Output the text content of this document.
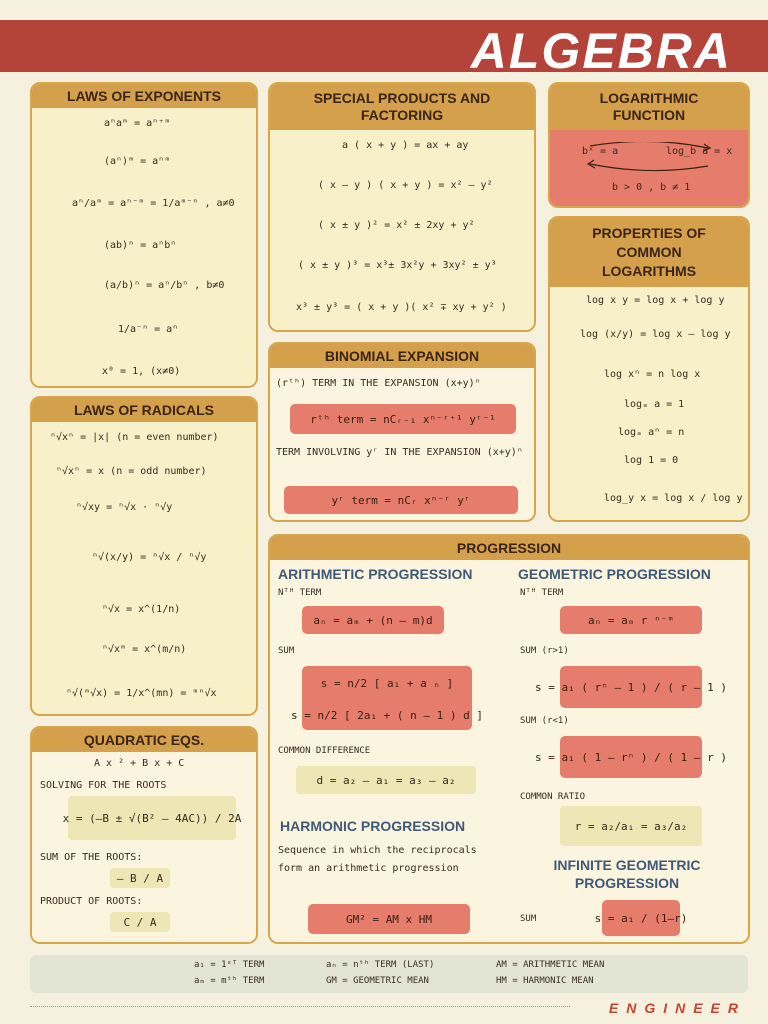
ALGEBRA
LAWS OF EXPONENTS
aⁿaᵐ = aⁿ⁺ᵐ
(aⁿ)ᵐ = aⁿᵐ
aⁿ/aᵐ = aⁿ⁻ᵐ = 1/aᵐ⁻ⁿ , a≠0
(ab)ⁿ = aⁿbⁿ
(a/b)ⁿ = aⁿ/bⁿ , b≠0
1/a⁻ⁿ = aⁿ
x⁰ = 1, (x≠0)
SPECIAL PRODUCTS AND FACTORING
a ( x + y ) = ax + ay
( x – y ) ( x + y ) = x² – y²
( x ± y )² = x² ± 2xy + y²
( x ± y )³ = x³± 3x²y + 3xy² ± y³
x³ ± y³ = ( x + y )( x² ∓ xy + y² )
LOGARITHMIC FUNCTION
bˣ = a	log_b a = x
b > 0 , b ≠ 1
PROPERTIES OF COMMON LOGARITHMS
log x y = log x + log y
log (x/y) = log x – log y
log xⁿ = n log x
logₐ a = 1
logₐ aⁿ = n
log 1 = 0
log_y x = log x / log y
BINOMIAL EXPANSION
(rᵗʰ) TERM IN THE EXPANSION (x+y)ⁿ
rᵗʰ term = nCᵣ₋₁ xⁿ⁻ʳ⁺¹ yʳ⁻¹
TERM INVOLVING yʳ IN THE EXPANSION (x+y)ⁿ
yʳ term = nCᵣ xⁿ⁻ʳ yʳ
LAWS OF RADICALS
ⁿ√xⁿ = |x| (n = even number)
ⁿ√xⁿ = x (n = odd number)
ⁿ√xy = ⁿ√x · ⁿ√y
ⁿ√(x/y) = ⁿ√x / ⁿ√y
ⁿ√x = x^(1/n)
ⁿ√xᵐ = x^(m/n)
ⁿ√(ᵐ√x) = 1/x^(mn) = ᵐⁿ√x
QUADRATIC EQS.
A x ² + B x + C
SOLVING FOR THE ROOTS
x = (–B ± √(B² – 4AC)) / 2A
SUM OF THE ROOTS:
– B / A
PRODUCT OF ROOTS:
C / A
PROGRESSION
ARITHMETIC PROGRESSION
Nᵀᴴ TERM
aₙ = aₘ + (n – m)d
SUM
s = n/2 [ a₁ + a ₙ ]
s = n/2 [ 2a₁ + ( n – 1 ) d ]
COMMON DIFFERENCE
d = a₂ – a₁ = a₃ – a₂
HARMONIC PROGRESSION
Sequence in which the reciprocals form an arithmetic progression
GM² = AM x HM
GEOMETRIC PROGRESSION
Nᵀᴴ TERM
aₙ = aₘ r ⁿ⁻ᵐ
SUM (r>1)
s = a₁ ( rⁿ – 1 ) / ( r – 1 )
SUM (r<1)
s = a₁ ( 1 – rⁿ ) / ( 1 – r )
COMMON RATIO
r = a₂/a₁ = a₃/a₂
INFINITE GEOMETRIC PROGRESSION
SUM	s = a₁ / (1–r)
a₁ = 1ˢᵀ TERM
aₘ = mᵗʰ TERM
aₙ = nᵗʰ TERM (LAST)
GM = GEOMETRIC MEAN
AM = ARITHMETIC MEAN
HM = HARMONIC MEAN
ENGINEER
